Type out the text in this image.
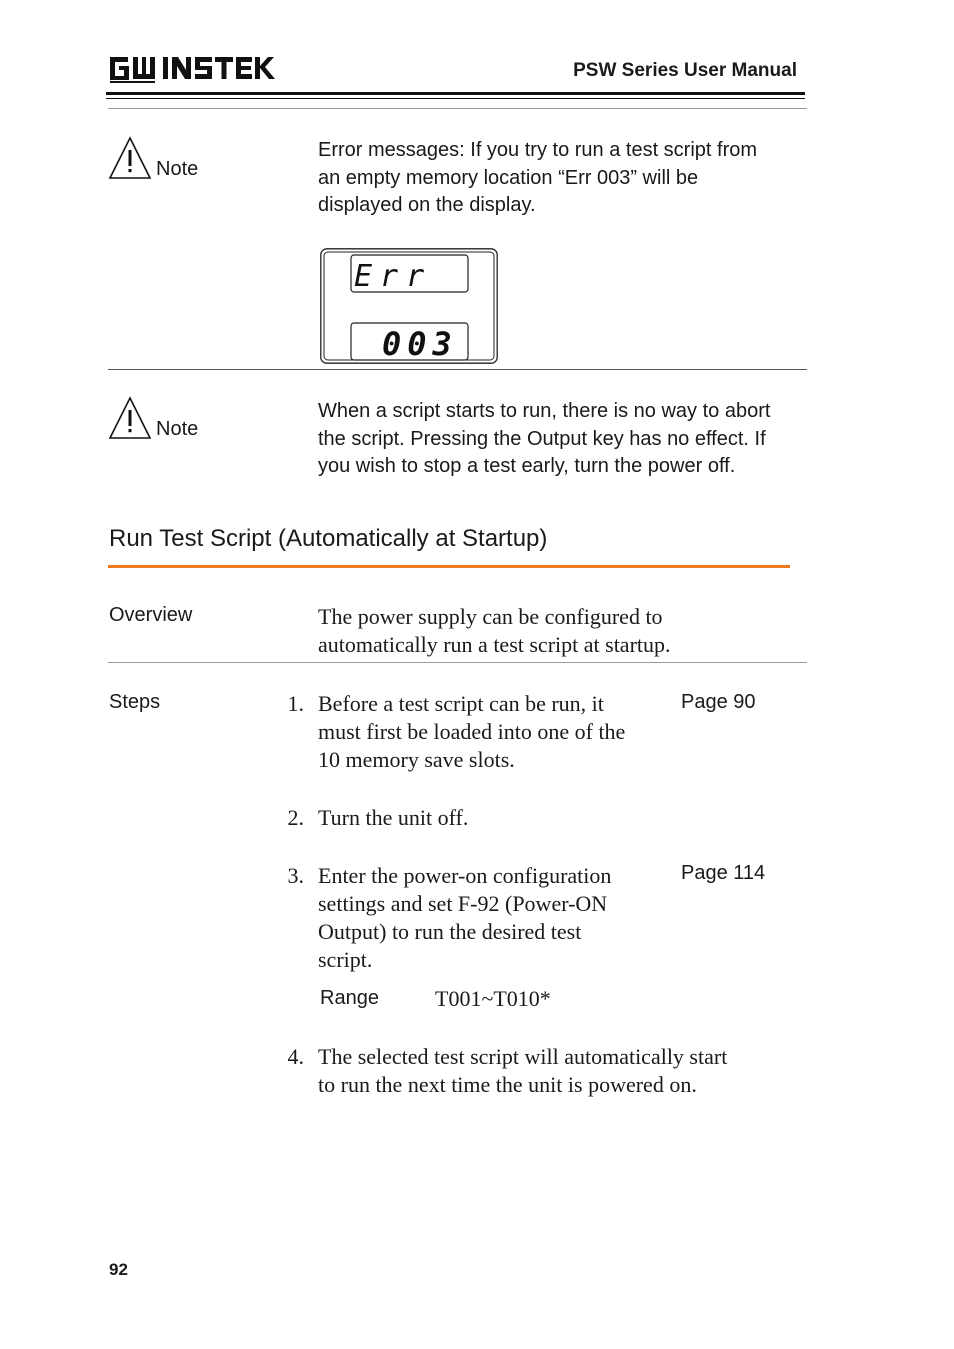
PSW Series User Manual
Note
Error messages: If you try to run a test script from
an empty memory location “Err 003” will be
displayed on the display.
Err
003
Note
When a script starts to run, there is no way to abort
the script. Pressing the Output key has no effect. If
you wish to stop a test early, turn the power off.
Run Test Script (Automatically at Startup)
Overview	The power supply can be configured to
automatically run a test script at startup.
Steps	1. Before a test script can be run, it
must first be loaded into one of the
10 memory save slots.
Page 90
2. Turn the unit off.
3. Enter the power-on configuration
settings and set F-92 (Power-ON
Output) to run the desired test
script.
Page 114
Range	T001~T010*
4. The selected test script will automatically start
to run the next time the unit is powered on.
92
